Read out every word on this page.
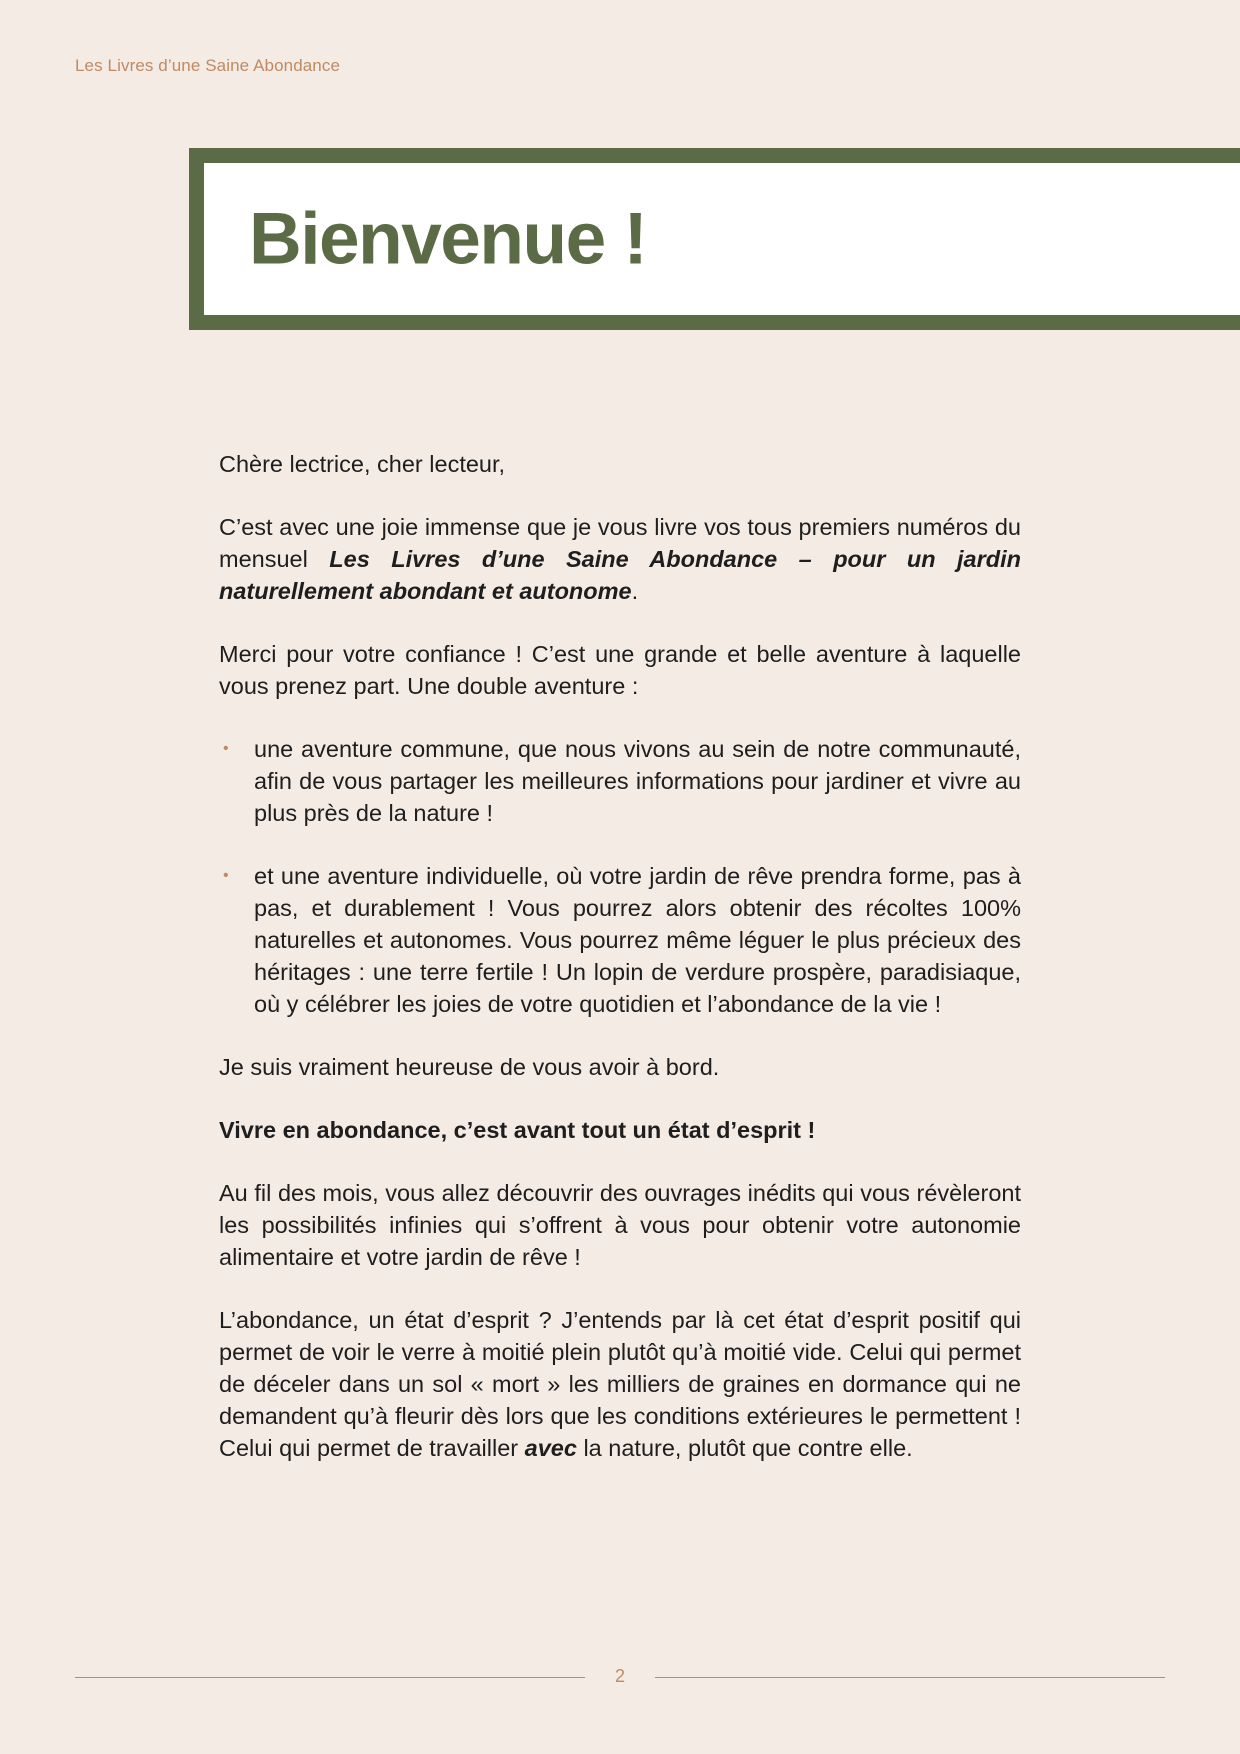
Les Livres d’une Saine Abondance
Bienvenue !

Chère lectrice, cher lecteur,

C’est avec une joie immense que je vous livre vos tous premiers numéros du mensuel Les Livres d’une Saine Abondance – pour un jardin naturellement abondant et autonome.

Merci pour votre confiance ! C’est une grande et belle aventure à laquelle vous prenez part. Une double aventure :

• une aventure commune, que nous vivons au sein de notre communauté, afin de vous partager les meilleures informations pour jardiner et vivre au plus près de la nature !
• et une aventure individuelle, où votre jardin de rêve prendra forme, pas à pas, et durablement ! Vous pourrez alors obtenir des récoltes 100% naturelles et autonomes. Vous pourrez même léguer le plus précieux des héritages : une terre fertile ! Un lopin de verdure prospère, paradisiaque, où y célébrer les joies de votre quotidien et l’abondance de la vie !

Je suis vraiment heureuse de vous avoir à bord.

Vivre en abondance, c’est avant tout un état d’esprit !

Au fil des mois, vous allez découvrir des ouvrages inédits qui vous révèleront les possibilités infinies qui s’offrent à vous pour obtenir votre autonomie alimentaire et votre jardin de rêve !

L’abondance, un état d’esprit ? J’entends par là cet état d’esprit positif qui permet de voir le verre à moitié plein plutôt qu’à moitié vide. Celui qui permet de déceler dans un sol « mort » les milliers de graines en dormance qui ne demandent qu’à fleurir dès lors que les conditions extérieures le permettent ! Celui qui permet de travailler avec la nature, plutôt que contre elle.

2
